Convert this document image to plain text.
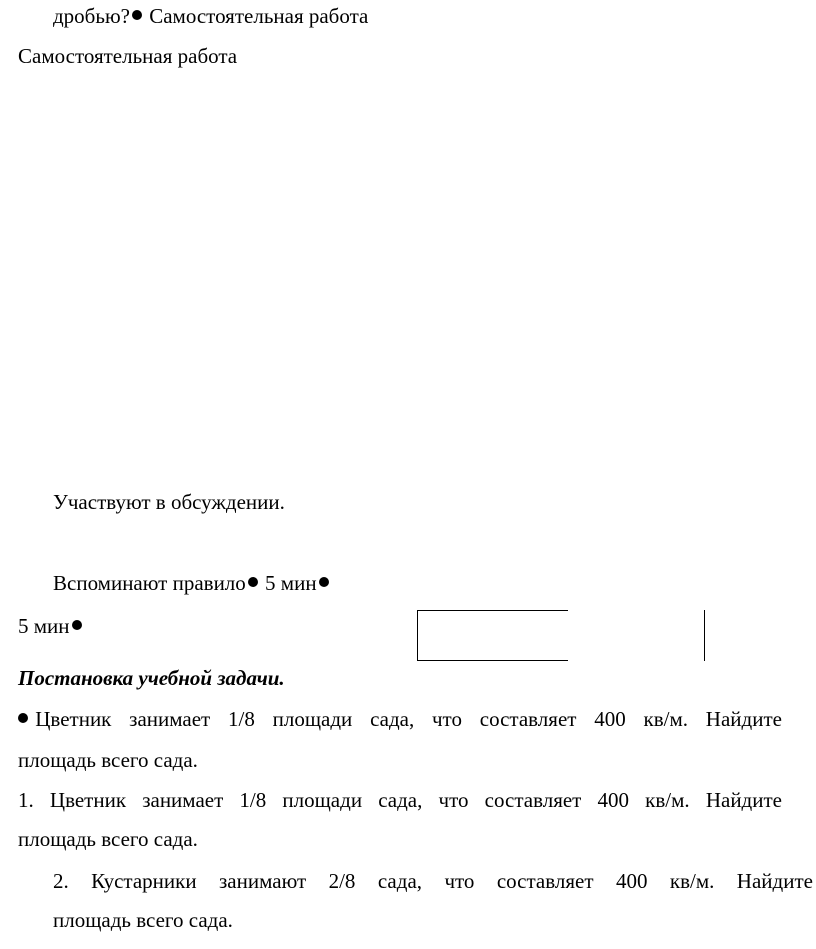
дробью? Самостоятельная работа
Самостоятельная работа
Участвуют в обсуждении.
Вспоминают правило 5 мин
5 мин
Постановка учебной задачи.
Цветник занимает 1/8 площади сада, что составляет 400 кв/м. Найдите
площадь всего сада.
1. Цветник занимает 1/8 площади сада, что составляет 400 кв/м. Найдите
площадь всего сада.
2. Кустарники занимают 2/8 сада, что составляет 400 кв/м. Найдите
площадь всего сада.
